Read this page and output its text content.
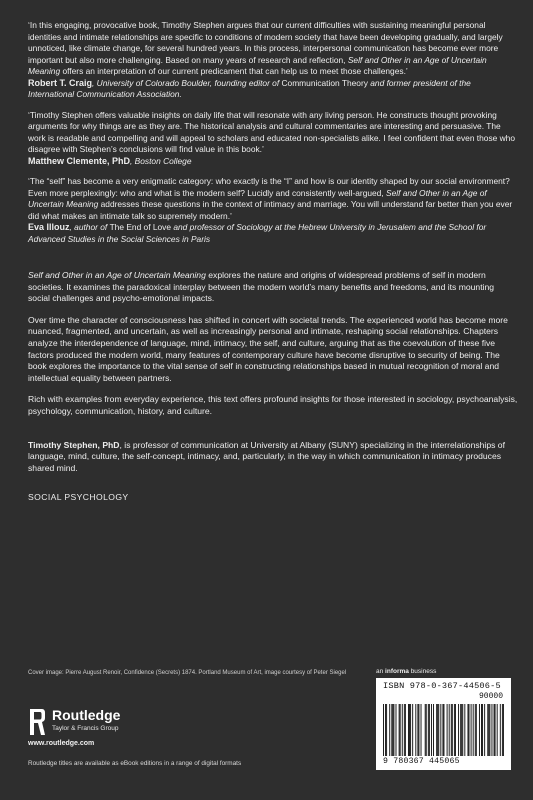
‘In this engaging, provocative book, Timothy Stephen argues that our current difficulties with sustaining meaningful personal identities and intimate relationships are specific to conditions of modern society that have been developing gradually, and largely unnoticed, like climate change, for several hundred years. In this process, interpersonal communication has become ever more important but also more challenging. Based on many years of research and reflection, Self and Other in an Age of Uncertain Meaning offers an interpretation of our current predicament that can help us to meet those challenges.’
Robert T. Craig, University of Colorado Boulder, founding editor of Communication Theory and former president of the International Communication Association.
‘Timothy Stephen offers valuable insights on daily life that will resonate with any living person. He constructs thought provoking arguments for why things are as they are. The historical analysis and cultural commentaries are interesting and persuasive. The work is readable and compelling and will appeal to scholars and educated non-specialists alike. I feel confident that even those who disagree with Stephen’s conclusions will find value in this book.’
Matthew Clemente, PhD, Boston College
‘The “self” has become a very enigmatic category: who exactly is the “I” and how is our identity shaped by our social environment? Even more perplexingly: who and what is the modern self? Lucidly and consistently well-argued, Self and Other in an Age of Uncertain Meaning addresses these questions in the context of intimacy and marriage. You will understand far better than you ever did what makes an intimate talk so supremely modern.’
Eva Illouz, author of The End of Love and professor of Sociology at the Hebrew University in Jerusalem and the School for Advanced Studies in the Social Sciences in Paris
Self and Other in an Age of Uncertain Meaning explores the nature and origins of widespread problems of self in modern societies. It examines the paradoxical interplay between the modern world’s many benefits and freedoms, and its mounting social challenges and psycho-emotional impacts.
Over time the character of consciousness has shifted in concert with societal trends. The experienced world has become more nuanced, fragmented, and uncertain, as well as increasingly personal and intimate, reshaping social relationships. Chapters analyze the interdependence of language, mind, intimacy, the self, and culture, arguing that as the coevolution of these five factors produced the modern world, many features of contemporary culture have become disruptive to security of being. The book explores the importance to the vital sense of self in constructing relationships based in mutual recognition of moral and intellectual equality between partners.
Rich with examples from everyday experience, this text offers profound insights for those interested in sociology, psychoanalysis, psychology, communication, history, and culture.
Timothy Stephen, PhD, is professor of communication at University at Albany (SUNY) specializing in the interrelationships of language, mind, culture, the self-concept, intimacy, and, particularly, in the way in which communication in intimacy produces shared mind.
SOCIAL PSYCHOLOGY
Cover image: Pierre August Renoir, Confidence (Secrets) 1874. Portland Museum of Art, image courtesy of Peter Siegel
Routledge
Taylor & Francis Group
www.routledge.com
Routledge titles are available as eBook editions in a range of digital formats
an informa business
ISBN 978-0-367-44506-5
90000
9 780367 445065
